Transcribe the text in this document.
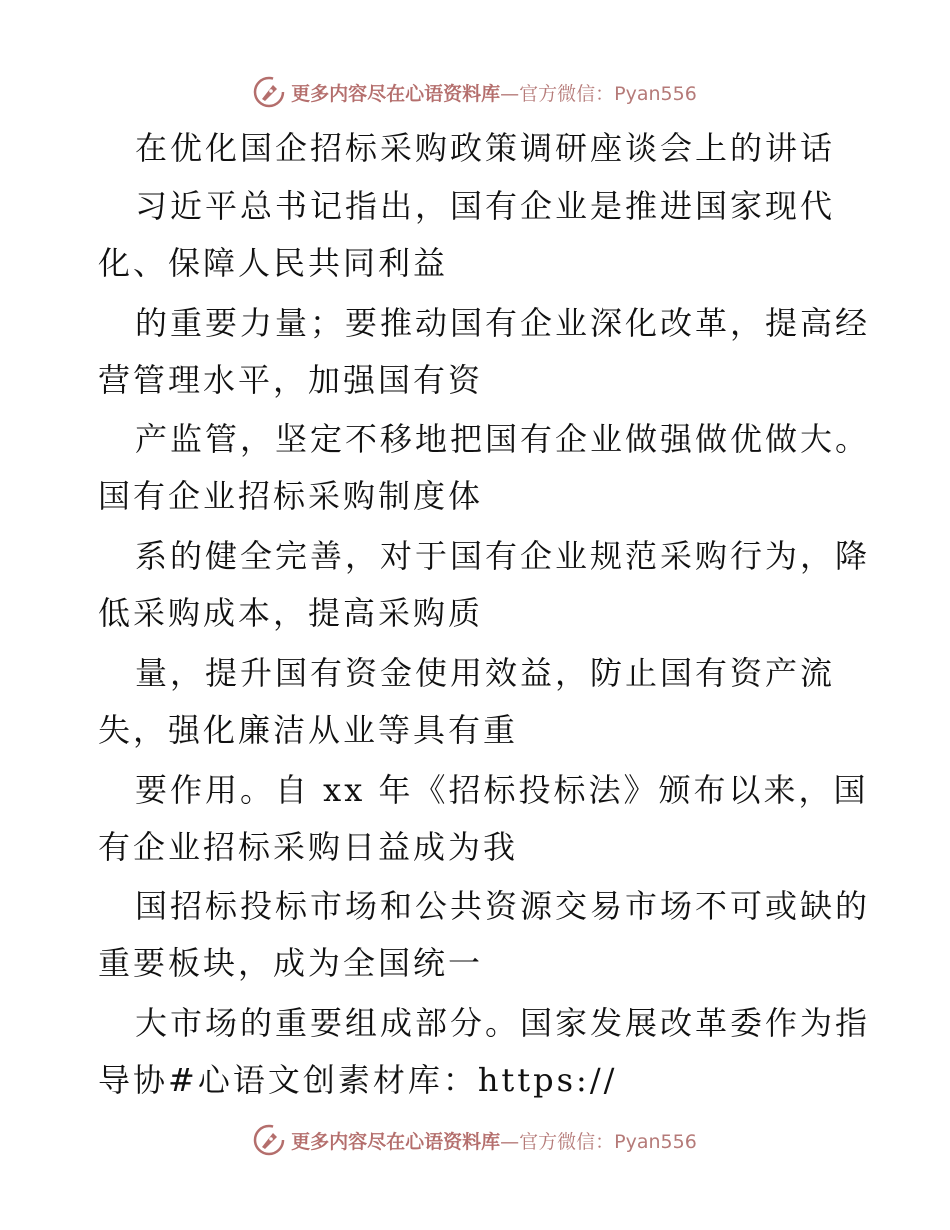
更多内容尽在心语资料库—官方微信：Pyan556
在优化国企招标采购政策调研座谈会上的讲话
习近平总书记指出，国有企业是推进国家现代
化、保障人民共同利益
的重要力量；要推动国有企业深化改革，提高经
营管理水平，加强国有资
产监管，坚定不移地把国有企业做强做优做大。
国有企业招标采购制度体
系的健全完善，对于国有企业规范采购行为，降
低采购成本，提高采购质
量，提升国有资金使用效益，防止国有资产流
失，强化廉洁从业等具有重
要作用。自 xx 年《招标投标法》颁布以来，国
有企业招标采购日益成为我
国招标投标市场和公共资源交易市场不可或缺的
重要板块，成为全国统一
大市场的重要组成部分。国家发展改革委作为指
导协#心语文创素材库：https://
更多内容尽在心语资料库—官方微信：Pyan556
